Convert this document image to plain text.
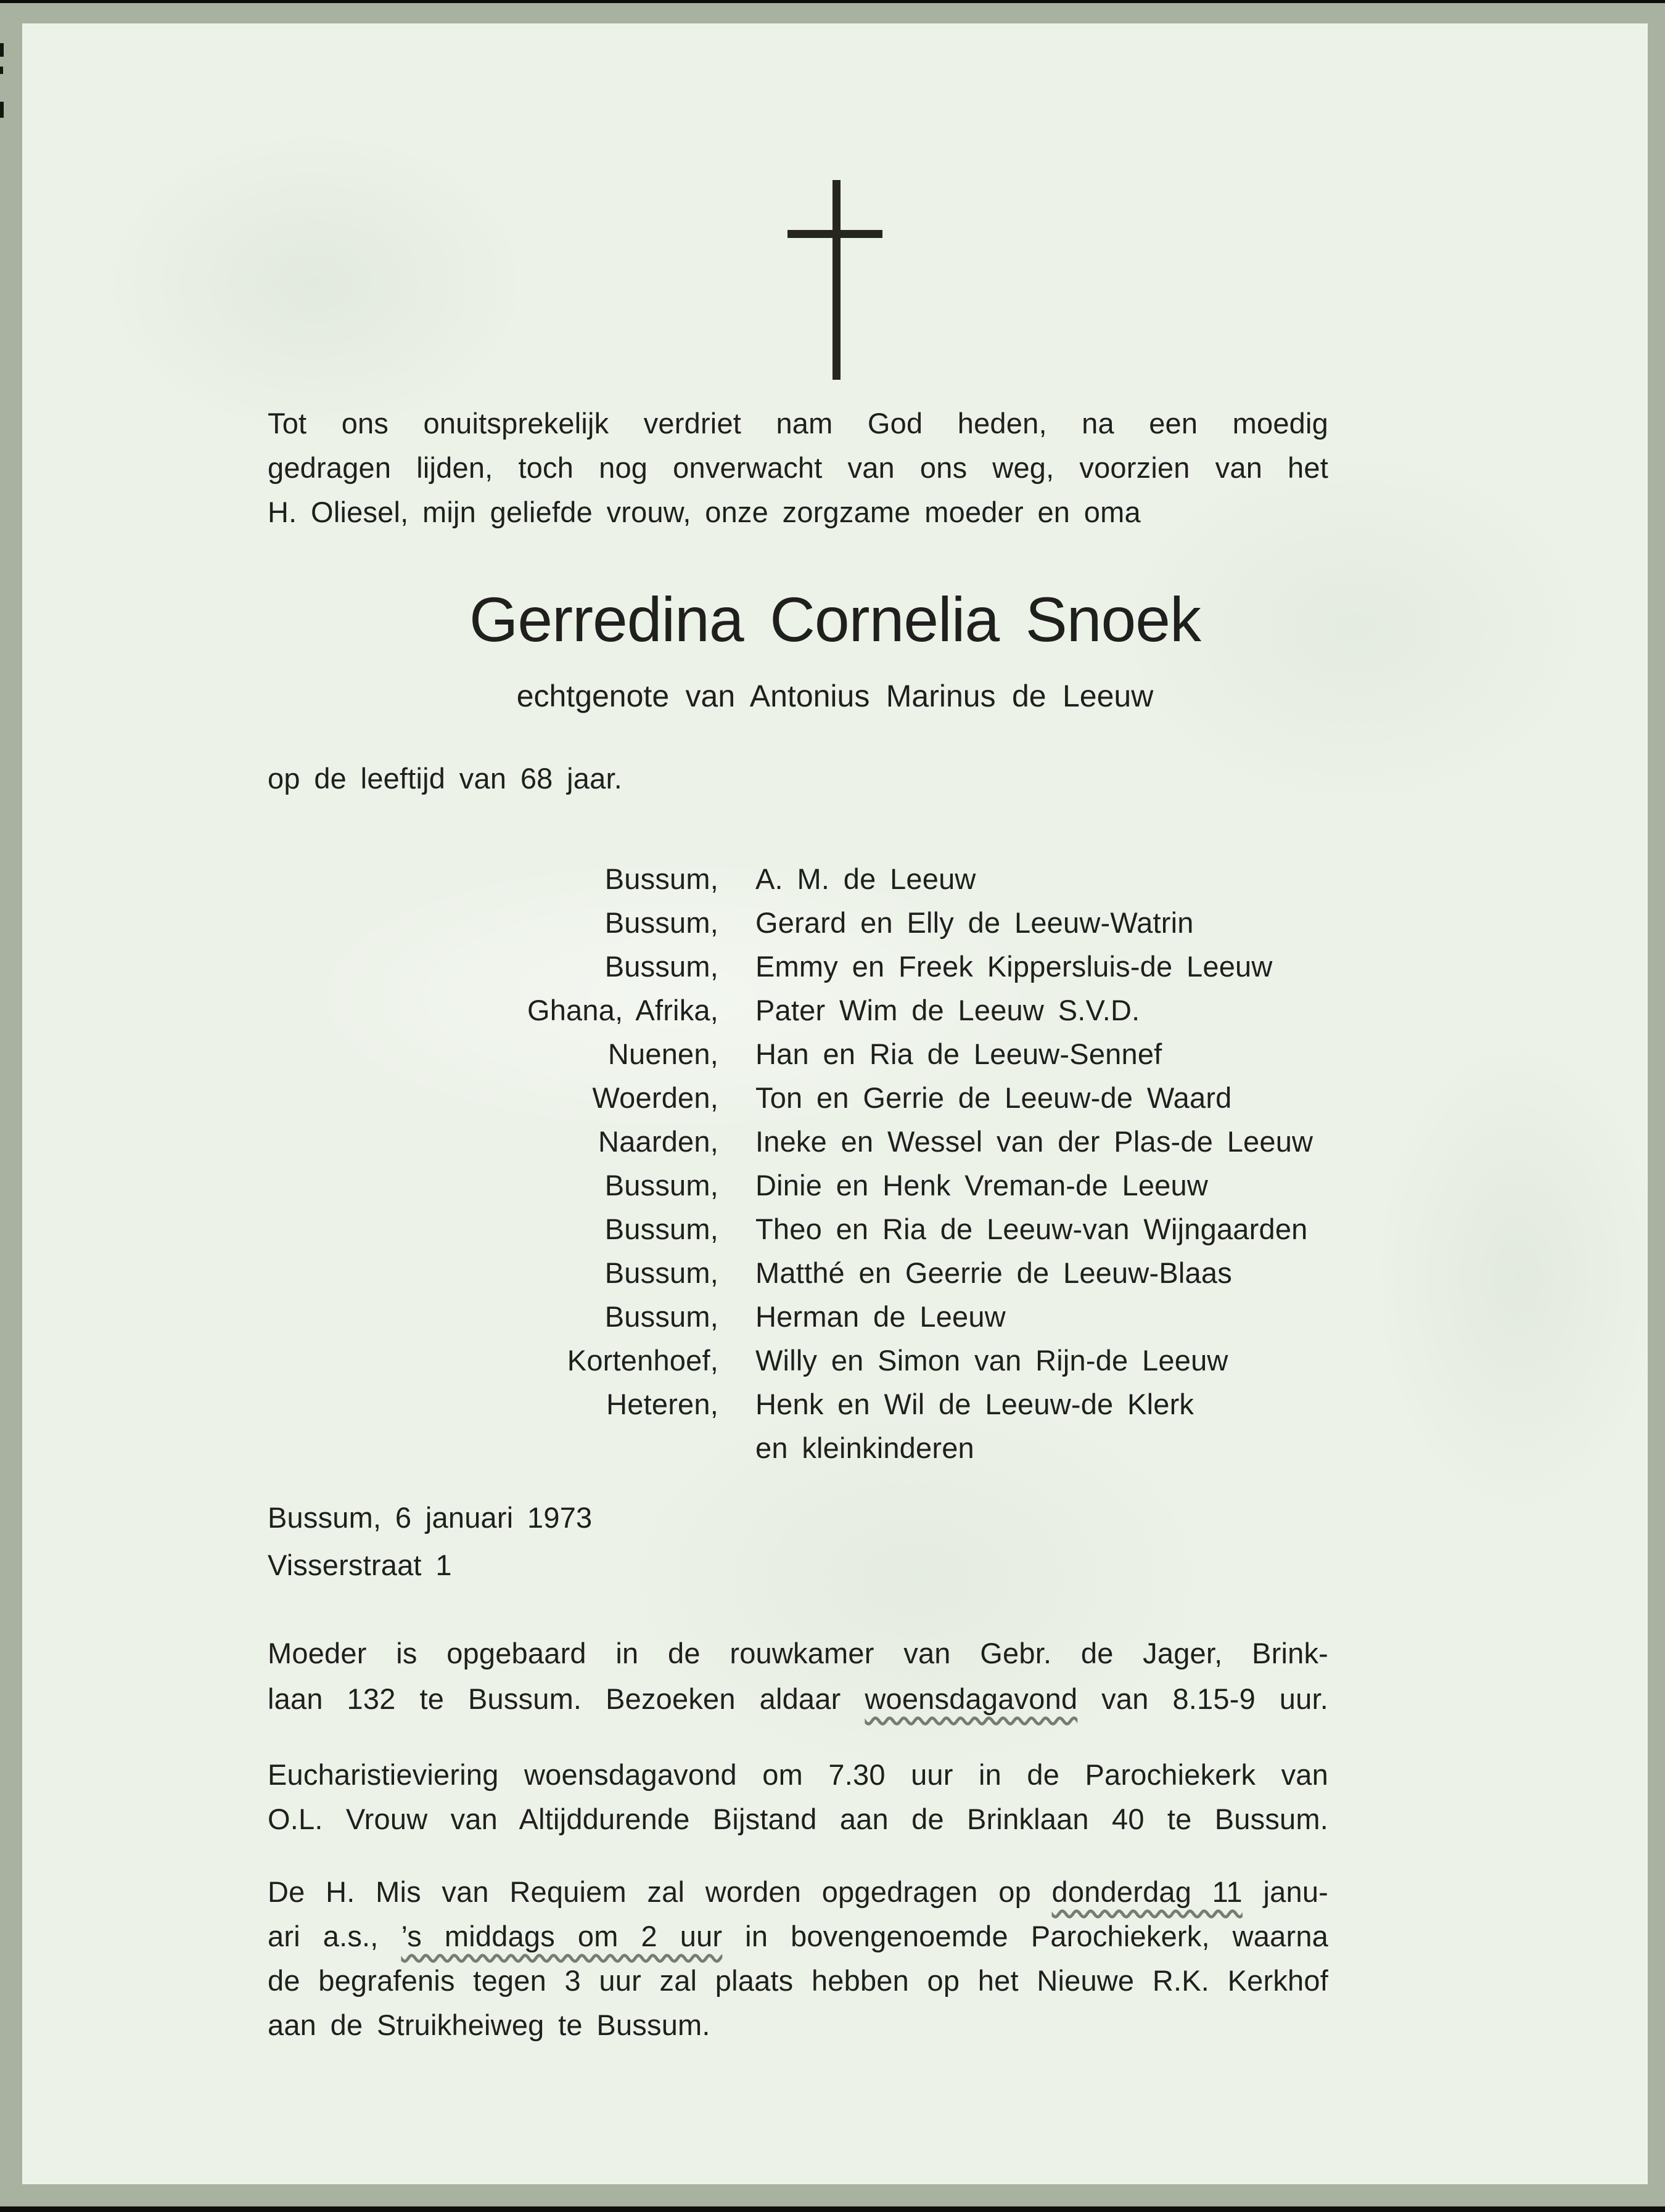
Tot ons onuitsprekelijk verdriet nam God heden, na een moedig
gedragen lijden, toch nog onverwacht van ons weg, voorzien van het
H. Oliesel, mijn geliefde vrouw, onze zorgzame moeder en oma
Gerredina Cornelia Snoek
echtgenote van Antonius Marinus de Leeuw
op de leeftijd van 68 jaar.
Bussum, A. M. de Leeuw
Bussum, Gerard en Elly de Leeuw-Watrin
Bussum, Emmy en Freek Kippersluis-de Leeuw
Ghana, Afrika, Pater Wim de Leeuw S.V.D.
Nuenen, Han en Ria de Leeuw-Sennef
Woerden, Ton en Gerrie de Leeuw-de Waard
Naarden, Ineke en Wessel van der Plas-de Leeuw
Bussum, Dinie en Henk Vreman-de Leeuw
Bussum, Theo en Ria de Leeuw-van Wijngaarden
Bussum, Matthé en Geerrie de Leeuw-Blaas
Bussum, Herman de Leeuw
Kortenhoef, Willy en Simon van Rijn-de Leeuw
Heteren, Henk en Wil de Leeuw-de Klerk
en kleinkinderen
Bussum, 6 januari 1973
Visserstraat 1
Moeder is opgebaard in de rouwkamer van Gebr. de Jager, Brink-
laan 132 te Bussum. Bezoeken aldaar woensdagavond van 8.15-9 uur.
Eucharistieviering woensdagavond om 7.30 uur in de Parochiekerk van
O.L. Vrouw van Altijddurende Bijstand aan de Brinklaan 40 te Bussum.
De H. Mis van Requiem zal worden opgedragen op donderdag 11 janu-
ari a.s., ’s middags om 2 uur in bovengenoemde Parochiekerk, waarna
de begrafenis tegen 3 uur zal plaats hebben op het Nieuwe R.K. Kerkhof
aan de Struikheiweg te Bussum.
